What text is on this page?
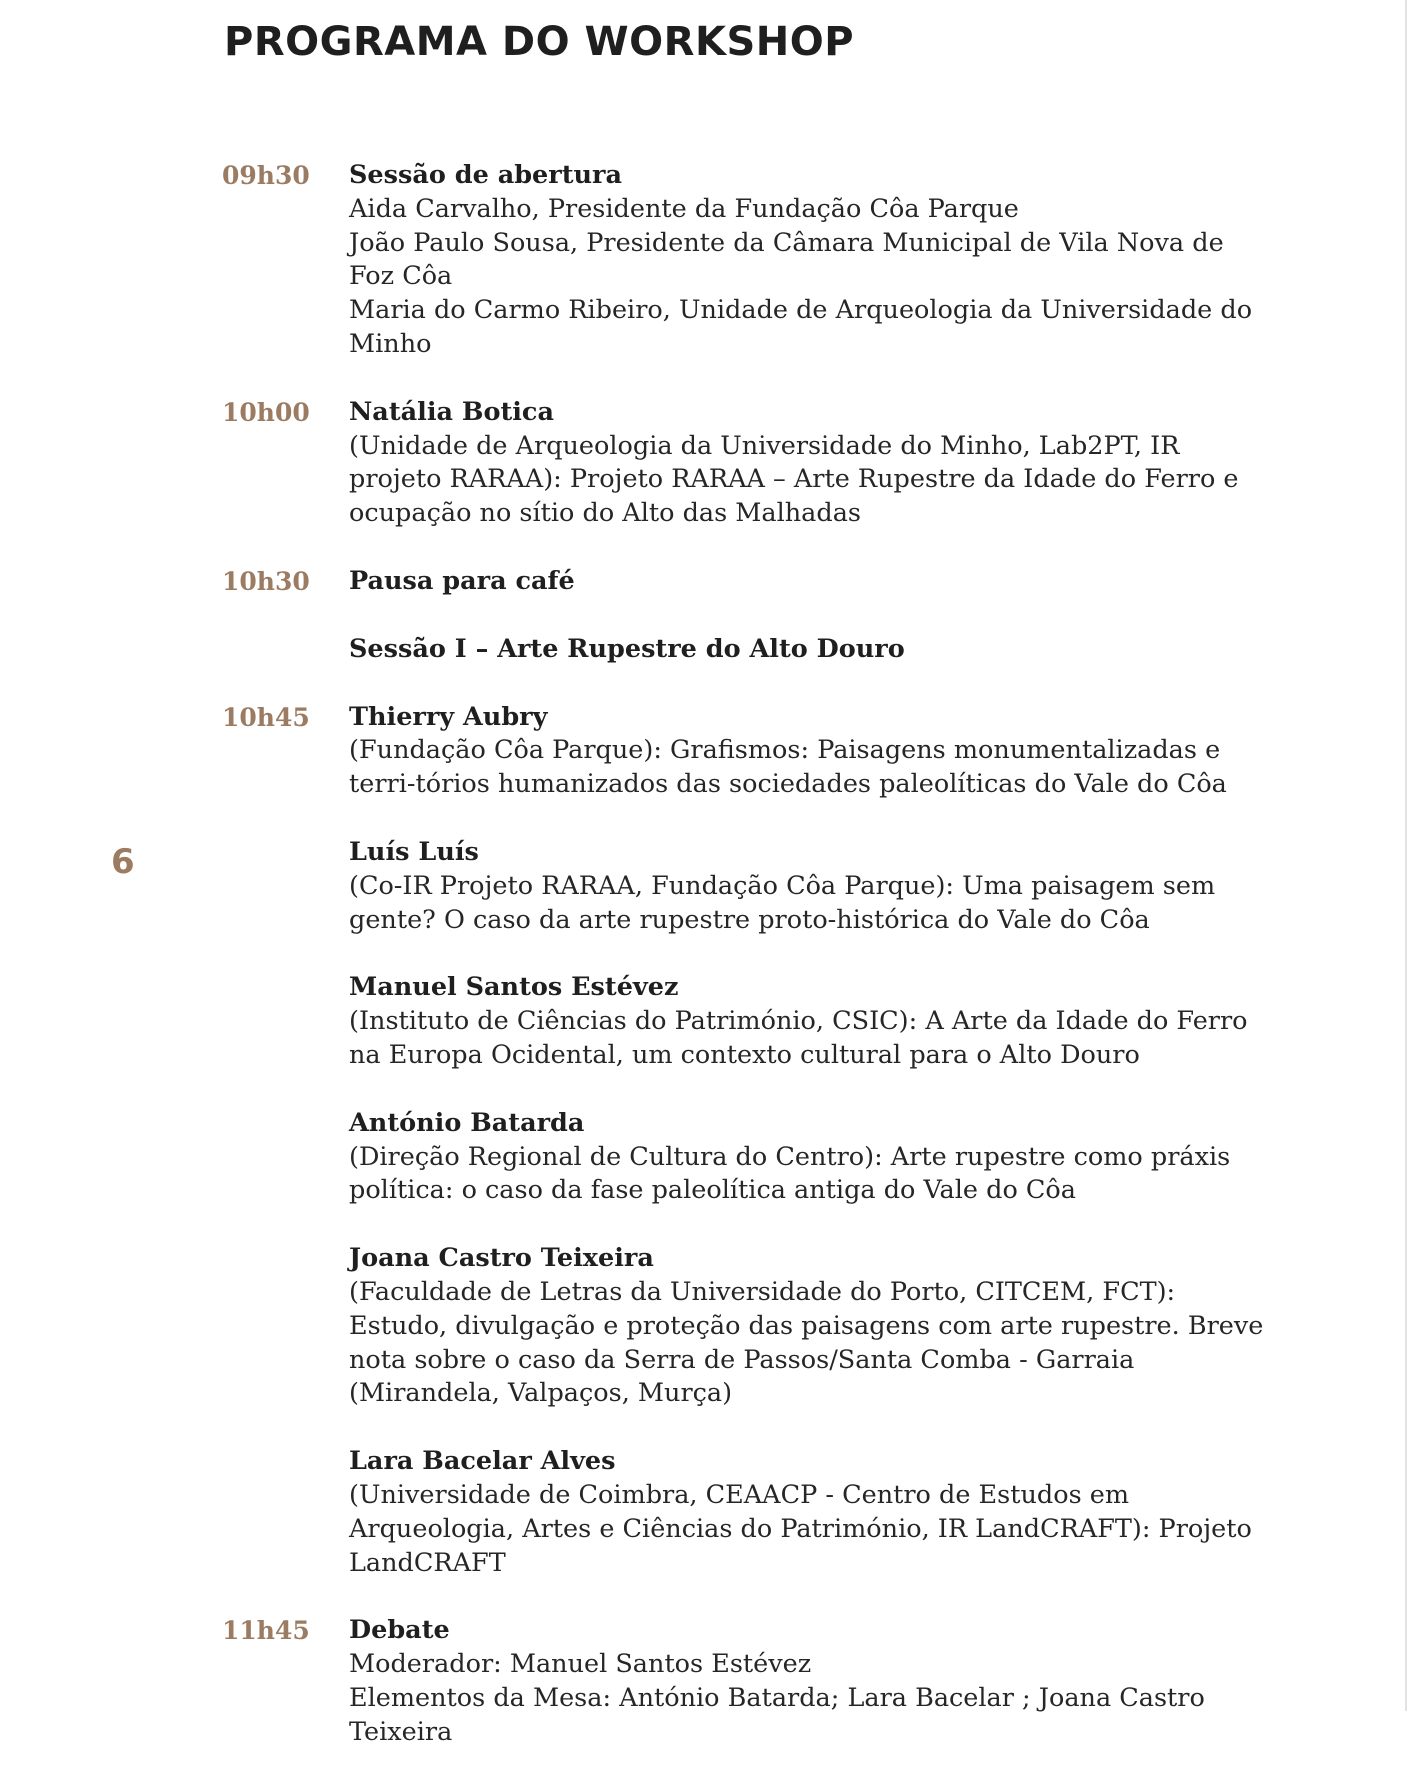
PROGRAMA DO WORKSHOP
6
09h30 Sessão de abertura
Aida Carvalho, Presidente da Fundação Côa Parque
João Paulo Sousa, Presidente da Câmara Municipal de Vila Nova de Foz Côa
Maria do Carmo Ribeiro, Unidade de Arqueologia da Universidade do Minho
10h00 Natália Botica
(Unidade de Arqueologia da Universidade do Minho, Lab2PT, IR projeto RARAA): Projeto RARAA – Arte Rupestre da Idade do Ferro e ocupação no sítio do Alto das Malhadas
10h30 Pausa para café
Sessão I – Arte Rupestre do Alto Douro
10h45 Thierry Aubry
(Fundação Côa Parque): Grafismos: Paisagens monumentalizadas e terri-tórios humanizados das sociedades paleolíticas do Vale do Côa
Luís Luís
(Co-IR Projeto RARAA, Fundação Côa Parque): Uma paisagem sem gente? O caso da arte rupestre proto-histórica do Vale do Côa
Manuel Santos Estévez
(Instituto de Ciências do Património, CSIC): A Arte da Idade do Ferro na Europa Ocidental, um contexto cultural para o Alto Douro
António Batarda
(Direção Regional de Cultura do Centro): Arte rupestre como práxis política: o caso da fase paleolítica antiga do Vale do Côa
Joana Castro Teixeira
(Faculdade de Letras da Universidade do Porto, CITCEM, FCT): Estudo, divulgação e proteção das paisagens com arte rupestre. Breve nota sobre o caso da Serra de Passos/Santa Comba - Garraia (Mirandela, Valpaços, Murça)
Lara Bacelar Alves
(Universidade de Coimbra, CEAACP - Centro de Estudos em Arqueologia, Artes e Ciências do Património, IR LandCRAFT): Projeto LandCRAFT
11h45 Debate
Moderador: Manuel Santos Estévez
Elementos da Mesa: António Batarda; Lara Bacelar ; Joana Castro Teixeira
